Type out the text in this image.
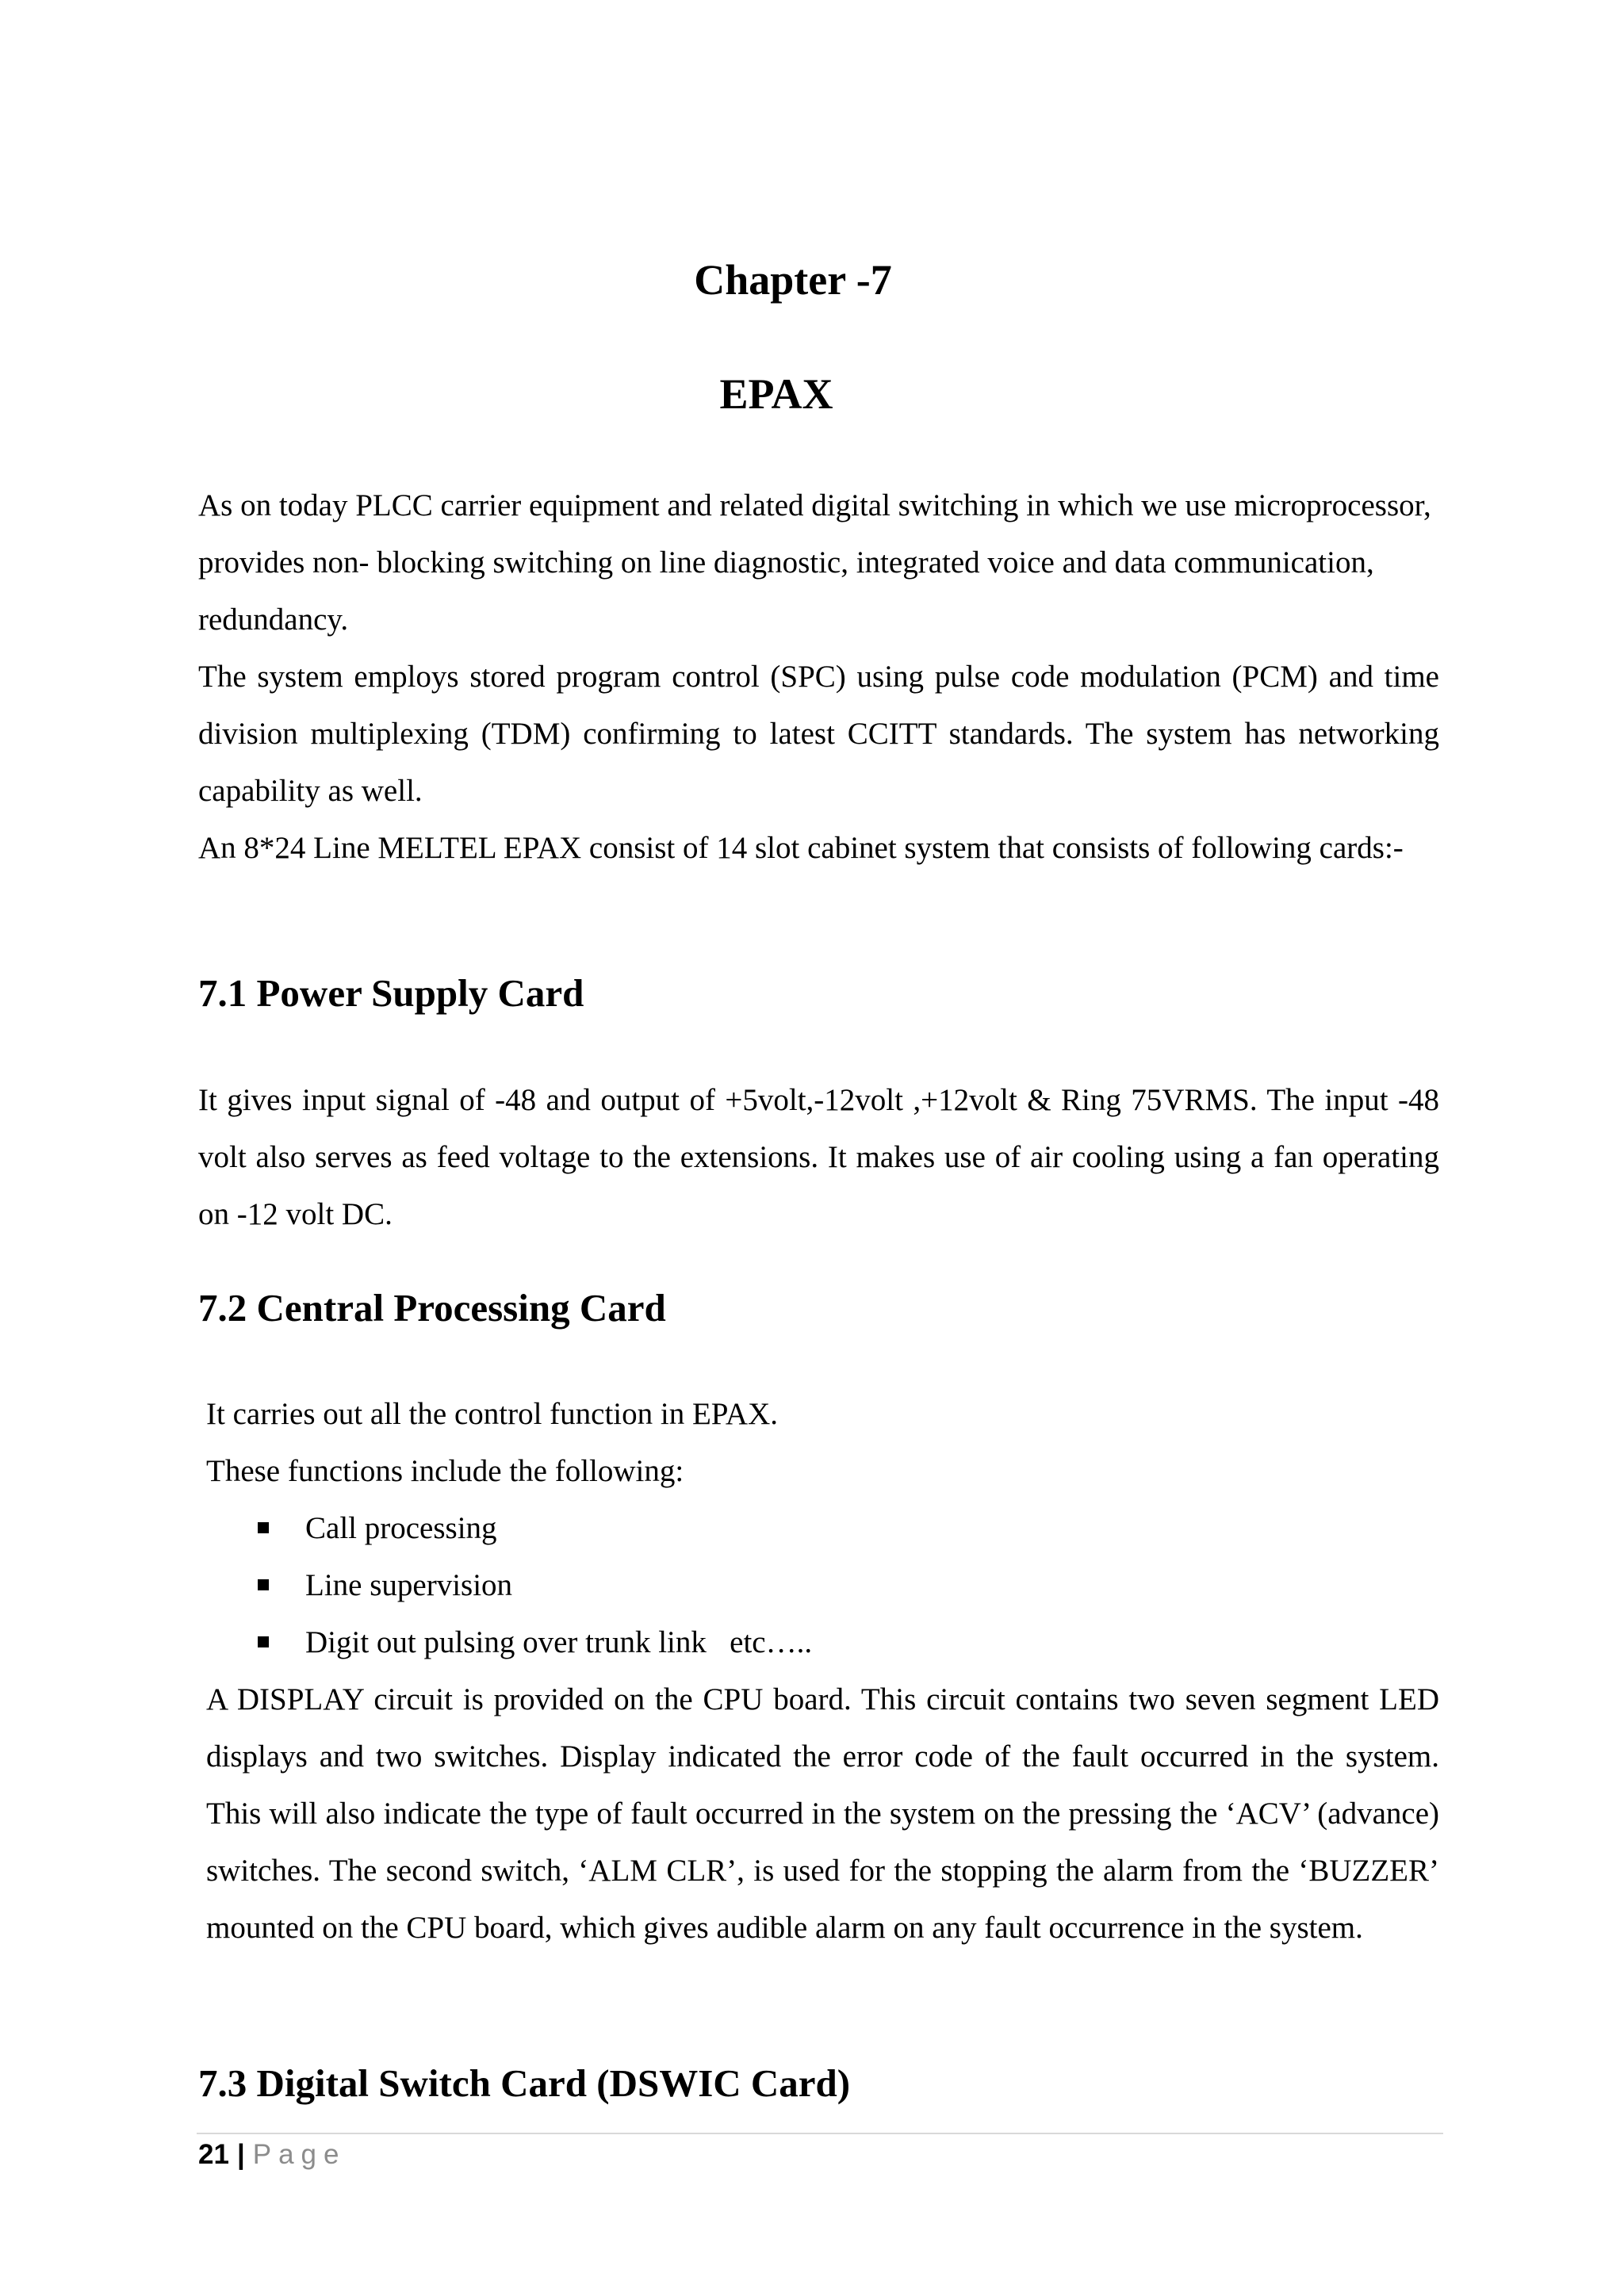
Chapter -7
EPAX

As on today PLCC carrier equipment and related digital switching in which we use microprocessor, provides non- blocking switching on line diagnostic, integrated voice and data communication, redundancy.

The system employs stored program control (SPC) using pulse code modulation (PCM) and time division multiplexing (TDM) confirming to latest CCITT standards. The system has networking capability as well.

An 8*24 Line MELTEL EPAX consist of 14 slot cabinet system that consists of following cards:-

7.1 Power Supply Card

It gives input signal of -48 and output of +5volt,-12volt ,+12volt & Ring 75VRMS. The input -48 volt also serves as feed voltage to the extensions. It makes use of air cooling using a fan operating on -12 volt DC.

7.2 Central Processing Card

It carries out all the control function in EPAX.

These functions include the following:

Call processing
Line supervision
Digit out pulsing over trunk link   etc…..

A DISPLAY circuit is provided on the CPU board. This circuit contains two seven segment LED displays and two switches. Display indicated the error code of the fault occurred in the system. This will also indicate the type of fault occurred in the system on the pressing the ‘ACV’ (advance) switches. The second switch, ‘ALM CLR’, is used for the stopping the alarm from the ‘BUZZER’ mounted on the CPU board, which gives audible alarm on any fault occurrence in the system.

7.3 Digital Switch Card (DSWIC Card)
21 | Page
